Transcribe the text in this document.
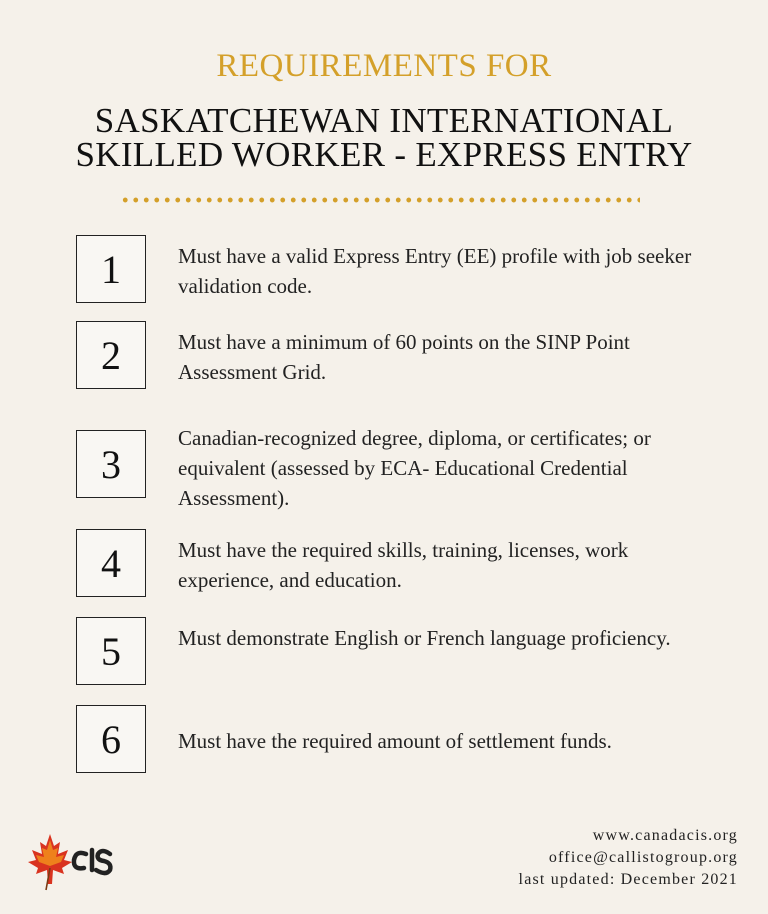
REQUIREMENTS FOR
SASKATCHEWAN INTERNATIONAL
SKILLED WORKER - EXPRESS ENTRY
1	Must have a valid Express Entry (EE) profile with job seeker validation code.
2	Must have a minimum of 60 points on the SINP Point Assessment Grid.
3
Canadian-recognized degree, diploma, or certificates; or equivalent (assessed by ECA- Educational Credential Assessment).
4	Must have the required skills, training, licenses, work experience, and education.
5	Must demonstrate English or French language proficiency.
6	Must have the required amount of settlement funds.
www.canadacis.org
office@callistogroup.org
last updated: December 2021
